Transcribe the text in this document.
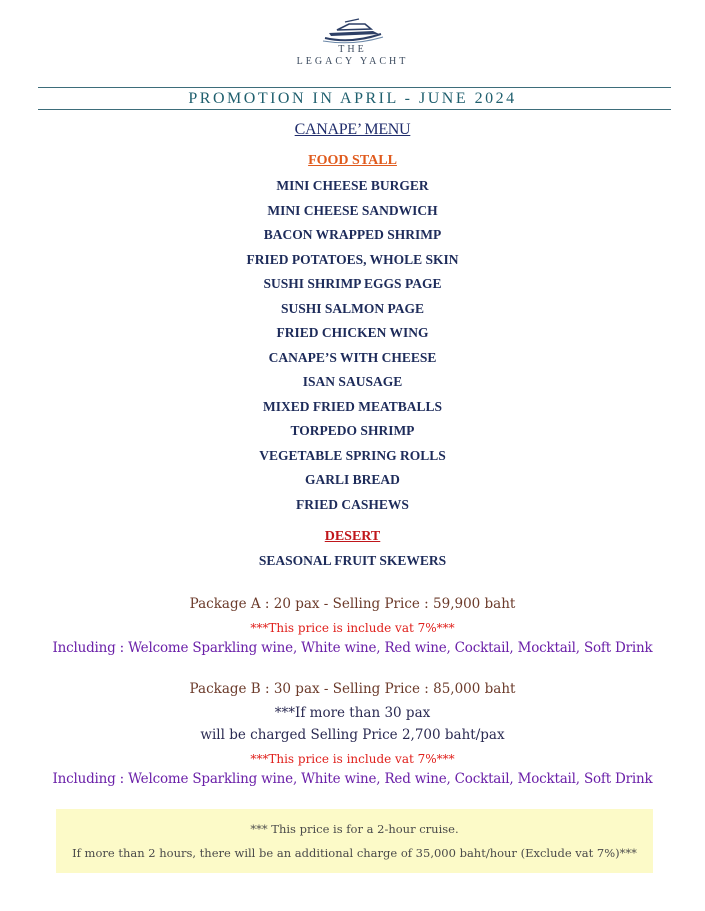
THE
LEGACY YACHT
PROMOTION IN APRIL - JUNE 2024
CANAPE’ MENU
FOOD STALL
MINI CHEESE BURGER
MINI CHEESE SANDWICH
BACON WRAPPED SHRIMP
FRIED POTATOES, WHOLE SKIN
SUSHI SHRIMP EGGS PAGE
SUSHI SALMON PAGE
FRIED CHICKEN WING
CANAPE’S WITH CHEESE
ISAN SAUSAGE
MIXED FRIED MEATBALLS
TORPEDO SHRIMP
VEGETABLE SPRING ROLLS
GARLI BREAD
FRIED CASHEWS
DESERT
SEASONAL FRUIT SKEWERS
Package A : 20 pax - Selling Price : 59,900 baht
***This price is include vat 7%***
Including : Welcome Sparkling wine, White wine, Red wine, Cocktail, Mocktail, Soft Drink
Package B : 30 pax - Selling Price : 85,000 baht
***If more than 30 pax
will be charged Selling Price 2,700 baht/pax
***This price is include vat 7%***
Including : Welcome Sparkling wine, White wine, Red wine, Cocktail, Mocktail, Soft Drink
*** This price is for a 2-hour cruise.
If more than 2 hours, there will be an additional charge of 35,000 baht/hour (Exclude vat 7%)***
